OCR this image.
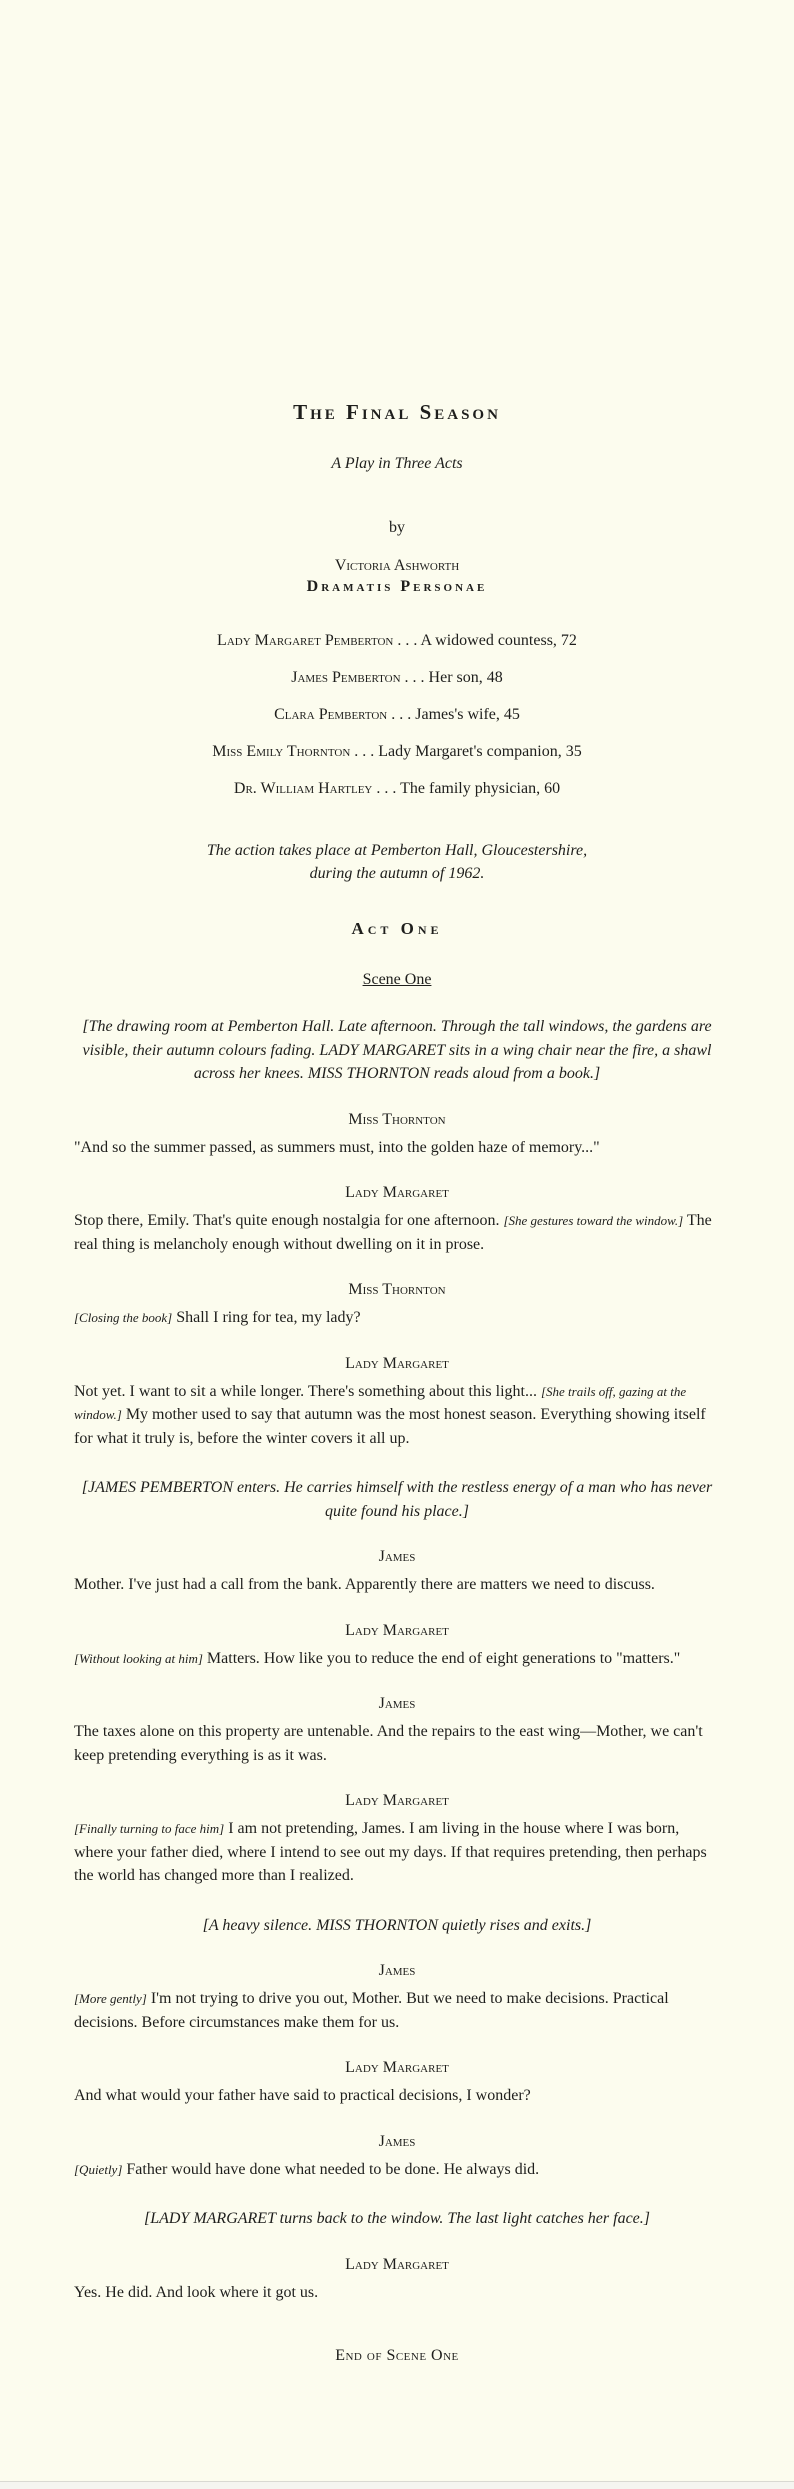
The Final Season
A Play in Three Acts
by
Victoria Ashworth
Dramatis Personae
Lady Margaret Pemberton . . . A widowed countess, 72
James Pemberton . . . Her son, 48
Clara Pemberton . . . James's wife, 45
Miss Emily Thornton . . . Lady Margaret's companion, 35
Dr. William Hartley . . . The family physician, 60
The action takes place at Pemberton Hall, Gloucestershire,
during the autumn of 1962.
Act One
Scene One
[The drawing room at Pemberton Hall. Late afternoon. Through the tall windows, the gardens are visible, their autumn colours fading. LADY MARGARET sits in a wing chair near the fire, a shawl across her knees. MISS THORNTON reads aloud from a book.]
Miss Thornton

"And so the summer passed, as summers must, into the golden haze of memory..."

Lady Margaret

Stop there, Emily. That's quite enough nostalgia for one afternoon. [She gestures toward the window.] The real thing is melancholy enough without dwelling on it in prose.

Miss Thornton

[Closing the book] Shall I ring for tea, my lady?

Lady Margaret

Not yet. I want to sit a while longer. There's something about this light... [She trails off, gazing at the window.] My mother used to say that autumn was the most honest season. Everything showing itself for what it truly is, before the winter covers it all up.

[JAMES PEMBERTON enters. He carries himself with the restless energy of a man who has never quite found his place.]
James

Mother. I've just had a call from the bank. Apparently there are matters we need to discuss.

Lady Margaret

[Without looking at him] Matters. How like you to reduce the end of eight generations to "matters."

James

The taxes alone on this property are untenable. And the repairs to the east wing—Mother, we can't keep pretending everything is as it was.

Lady Margaret

[Finally turning to face him] I am not pretending, James. I am living in the house where I was born, where your father died, where I intend to see out my days. If that requires pretending, then perhaps the world has changed more than I realized.

[A heavy silence. MISS THORNTON quietly rises and exits.]
James

[More gently] I'm not trying to drive you out, Mother. But we need to make decisions. Practical decisions. Before circumstances make them for us.

Lady Margaret

And what would your father have said to practical decisions, I wonder?

James

[Quietly] Father would have done what needed to be done. He always did.

[LADY MARGARET turns back to the window. The last light catches her face.]
Lady Margaret

Yes. He did. And look where it got us.

End of Scene One
